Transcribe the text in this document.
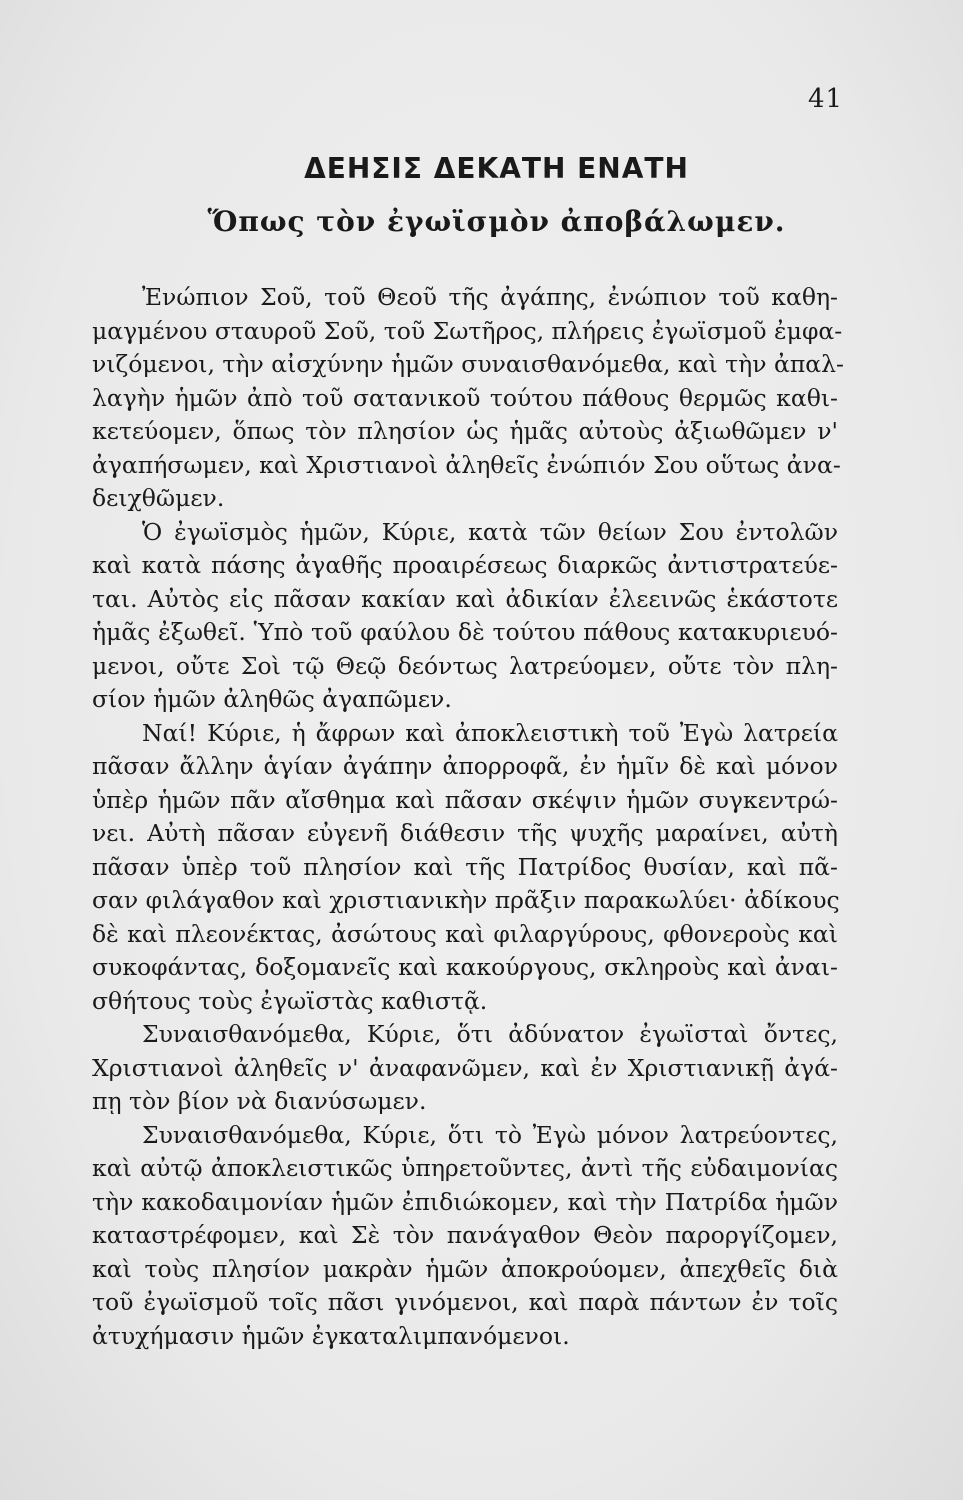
41
ΔΕΗΣΙΣ ΔΕΚΑΤΗ ΕΝΑΤΗ
Ὅπως τὸν ἐγωϊσμὸν ἀποβάλωμεν.
Ἐνώπιον Σοῦ, τοῦ Θεοῦ τῆς ἀγάπης, ἐνώπιον τοῦ καθη-
μαγμένου σταυροῦ Σοῦ, τοῦ Σωτῆρος, πλήρεις ἐγωϊσμοῦ ἐμφα-
νιζόμενοι, τὴν αἰσχύνην ἡμῶν συναισθανόμεθα, καὶ τὴν ἀπαλ-
λαγὴν ἡμῶν ἀπὸ τοῦ σατανικοῦ τούτου πάθους θερμῶς καθι-
κετεύομεν, ὅπως τὸν πλησίον ὡς ἡμᾶς αὐτοὺς ἀξιωθῶμεν ν'
ἀγαπήσωμεν, καὶ Χριστιανοὶ ἀληθεῖς ἐνώπιόν Σου οὕτως ἀνα-
δειχθῶμεν.
Ὁ ἐγωϊσμὸς ἡμῶν, Κύριε, κατὰ τῶν θείων Σου ἐντολῶν
καὶ κατὰ πάσης ἀγαθῆς προαιρέσεως διαρκῶς ἀντιστρατεύε-
ται. Αὐτὸς εἰς πᾶσαν κακίαν καὶ ἀδικίαν ἐλεεινῶς ἑκάστοτε
ἡμᾶς ἐξωθεῖ. Ὑπὸ τοῦ φαύλου δὲ τούτου πάθους κατακυριευό-
μενοι, οὔτε Σοὶ τῷ Θεῷ δεόντως λατρεύομεν, οὔτε τὸν πλη-
σίον ἡμῶν ἀληθῶς ἀγαπῶμεν.
Ναί! Κύριε, ἡ ἄφρων καὶ ἀποκλειστικὴ τοῦ Ἐγὼ λατρεία
πᾶσαν ἄλλην ἁγίαν ἀγάπην ἀπορροφᾶ, ἐν ἡμῖν δὲ καὶ μόνον
ὑπὲρ ἡμῶν πᾶν αἴσθημα καὶ πᾶσαν σκέψιν ἡμῶν συγκεντρώ-
νει. Αὐτὴ πᾶσαν εὐγενῆ διάθεσιν τῆς ψυχῆς μαραίνει, αὐτὴ
πᾶσαν ὑπὲρ τοῦ πλησίον καὶ τῆς Πατρίδος θυσίαν, καὶ πᾶ-
σαν φιλάγαθον καὶ χριστιανικὴν πρᾶξιν παρακωλύει· ἀδίκους
δὲ καὶ πλεονέκτας, ἀσώτους καὶ φιλαργύρους, φθονεροὺς καὶ
συκοφάντας, δοξομανεῖς καὶ κακούργους, σκληροὺς καὶ ἀναι-
σθήτους τοὺς ἐγωϊστὰς καθιστᾷ.
Συναισθανόμεθα, Κύριε, ὅτι ἀδύνατον ἐγωϊσταὶ ὄντες,
Χριστιανοὶ ἀληθεῖς ν' ἀναφανῶμεν, καὶ ἐν Χριστιανικῇ ἀγά-
πῃ τὸν βίον νὰ διανύσωμεν.
Συναισθανόμεθα, Κύριε, ὅτι τὸ Ἐγὼ μόνον λατρεύοντες,
καὶ αὐτῷ ἀποκλειστικῶς ὑπηρετοῦντες, ἀντὶ τῆς εὐδαιμονίας
τὴν κακοδαιμονίαν ἡμῶν ἐπιδιώκομεν, καὶ τὴν Πατρίδα ἡμῶν
καταστρέφομεν, καὶ Σὲ τὸν πανάγαθον Θεὸν παροργίζομεν,
καὶ τοὺς πλησίον μακρὰν ἡμῶν ἀποκρούομεν, ἀπεχθεῖς διὰ
τοῦ ἐγωϊσμοῦ τοῖς πᾶσι γινόμενοι, καὶ παρὰ πάντων ἐν τοῖς
ἀτυχήμασιν ἡμῶν ἐγκαταλιμπανόμενοι.
